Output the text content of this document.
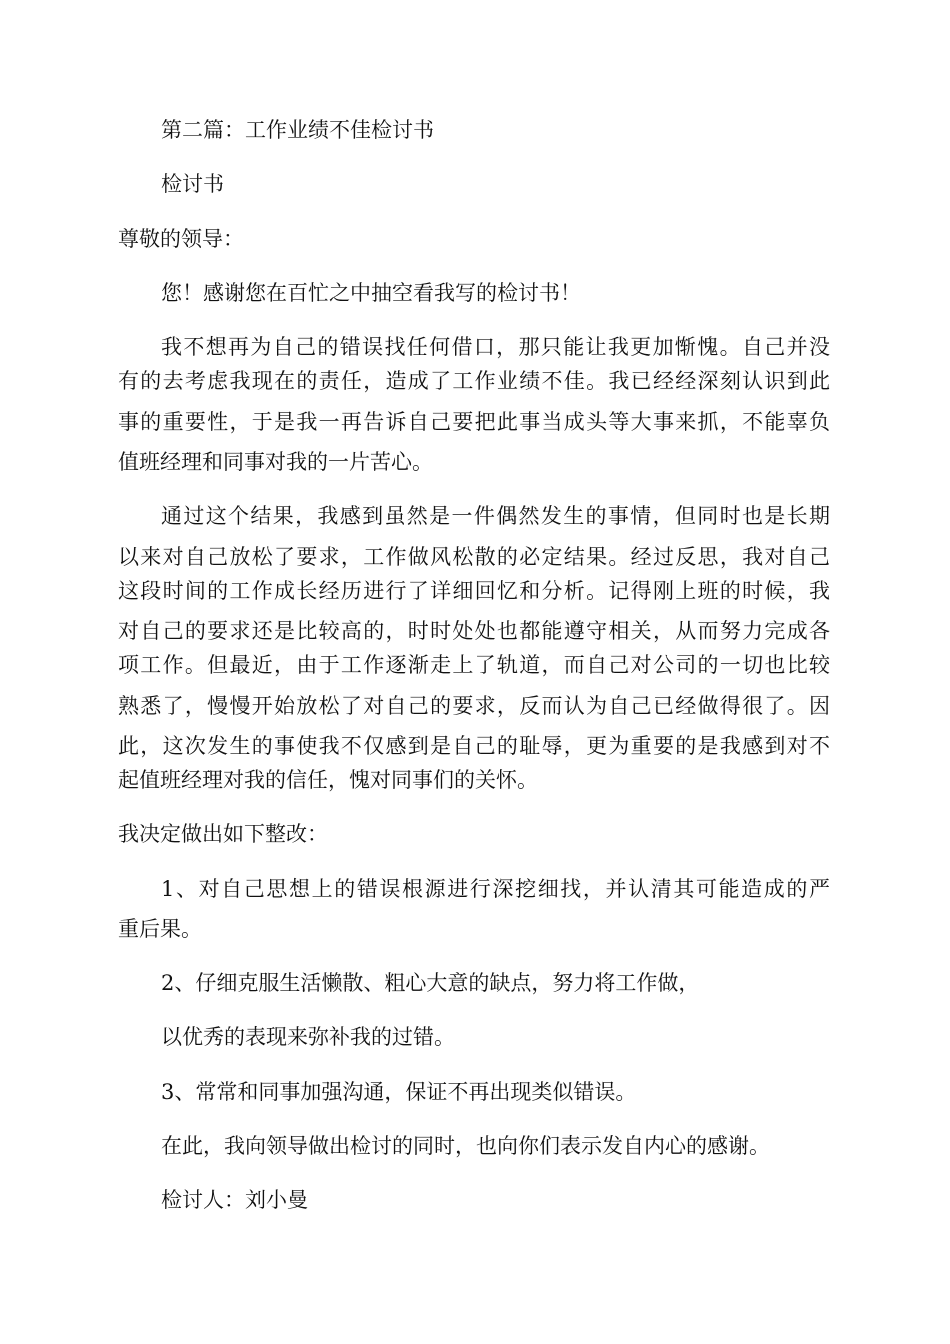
第二篇：工作业绩不佳检讨书
检讨书
尊敬的领导：
您！感谢您在百忙之中抽空看我写的检讨书！
我不想再为自己的错误找任何借口，那只能让我更加惭愧。自己并没
有的去考虑我现在的责任，造成了工作业绩不佳。我已经经深刻认识到此
事的重要性，于是我一再告诉自己要把此事当成头等大事来抓，不能辜负
值班经理和同事对我的一片苦心。
通过这个结果，我感到虽然是一件偶然发生的事情，但同时也是长期
以来对自己放松了要求，工作做风松散的必定结果。经过反思，我对自己
这段时间的工作成长经历进行了详细回忆和分析。记得刚上班的时候，我
对自己的要求还是比较高的，时时处处也都能遵守相关，从而努力完成各
项工作。但最近，由于工作逐渐走上了轨道，而自己对公司的一切也比较
熟悉了，慢慢开始放松了对自己的要求，反而认为自己已经做得很了。因
此，这次发生的事使我不仅感到是自己的耻辱，更为重要的是我感到对不
起值班经理对我的信任，愧对同事们的关怀。
我决定做出如下整改：
1、对自己思想上的错误根源进行深挖细找，并认清其可能造成的严
重后果。
2、仔细克服生活懒散、粗心大意的缺点，努力将工作做，
以优秀的表现来弥补我的过错。
3、常常和同事加强沟通，保证不再出现类似错误。
在此，我向领导做出检讨的同时，也向你们表示发自内心的感谢。
检讨人：刘小曼
